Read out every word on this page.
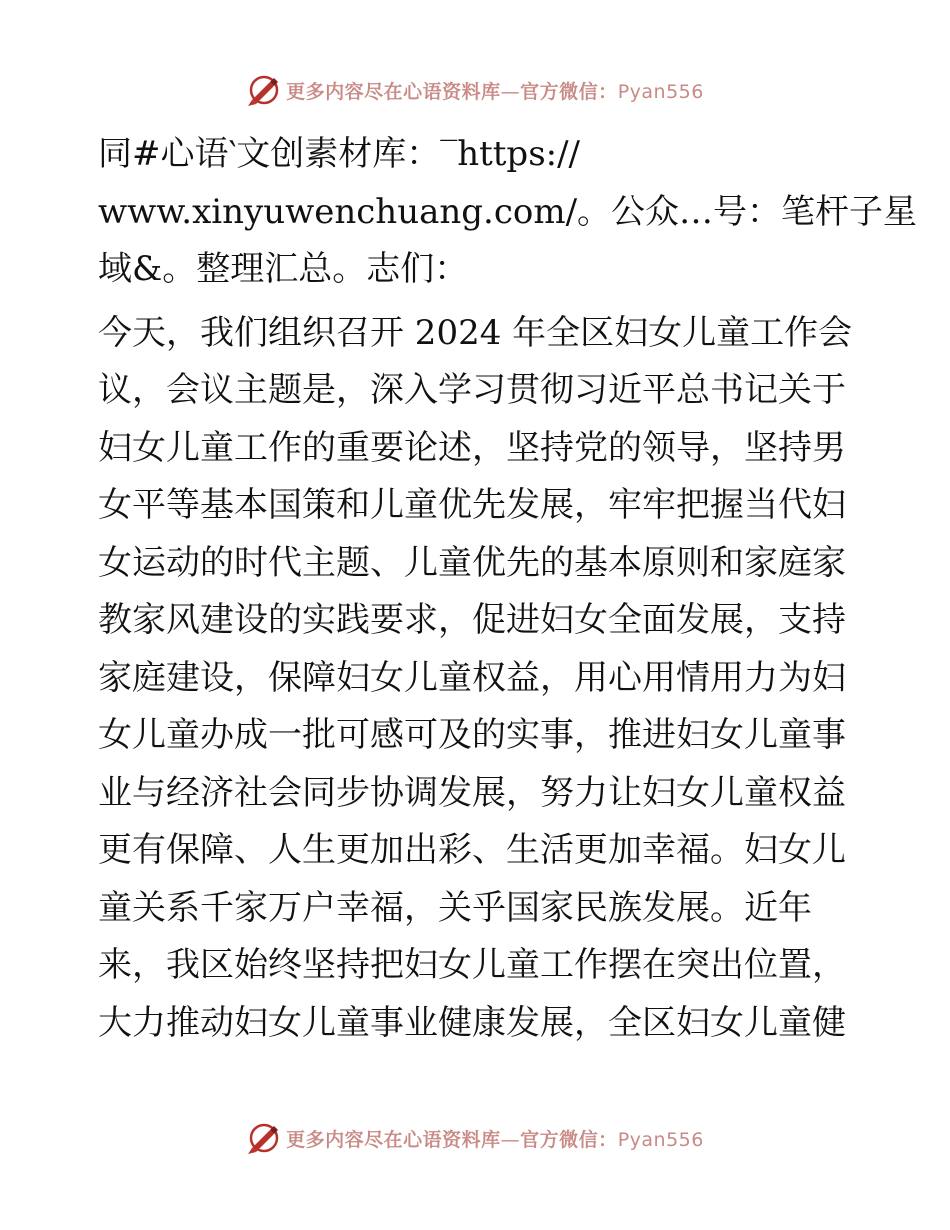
更多内容尽在心语资料库—官方微信：Pyan556

同#心语‵文创素材库：‾https://
www.xinyuwenchuang.com/。公众…号：笔杆子星
域&。整理汇总。志们：

今天，我们组织召开 2024 年全区妇女儿童工作会
议，会议主题是，深入学习贯彻习近平总书记关于
妇女儿童工作的重要论述，坚持党的领导，坚持男
女平等基本国策和儿童优先发展，牢牢把握当代妇
女运动的时代主题、儿童优先的基本原则和家庭家
教家风建设的实践要求，促进妇女全面发展，支持
家庭建设，保障妇女儿童权益，用心用情用力为妇
女儿童办成一批可感可及的实事，推进妇女儿童事
业与经济社会同步协调发展，努力让妇女儿童权益
更有保障、人生更加出彩、生活更加幸福。妇女儿
童关系千家万户幸福，关乎国家民族发展。近年
来，我区始终坚持把妇女儿童工作摆在突出位置，
大力推动妇女儿童事业健康发展，全区妇女儿童健

更多内容尽在心语资料库—官方微信：Pyan556
